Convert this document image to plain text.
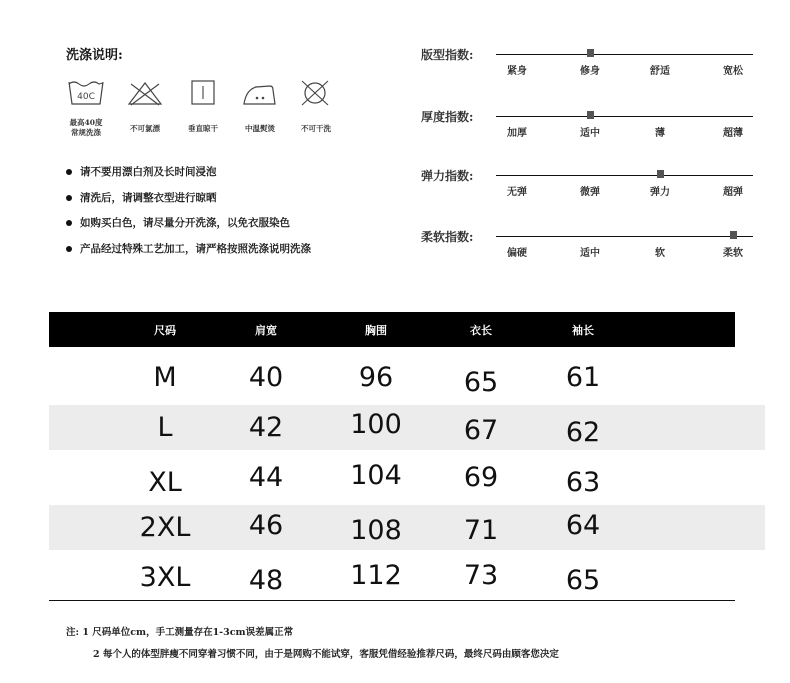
洗涤说明:
40C
最高40度
常规洗涤	不可氯漂	垂直晾干	中温熨烫	不可干洗
请不要用漂白剂及长时间浸泡
清洗后，请调整衣型进行晾晒
如购买白色，请尽量分开洗涤，以免衣服染色
产品经过特殊工艺加工，请严格按照洗涤说明洗涤
版型指数:
紧身	修身	舒适	宽松
厚度指数:
加厚	适中	薄	超薄
弹力指数:
无弹	微弹	弹力	超弹
柔软指数:
偏硬	适中	软	柔软
尺码	肩宽	胸围	衣长	袖长
M	40	96	65	61
L	42	100	67	62
XL	44	104	69	63
2XL	46	108	71	64
3XL	48	112	73	65
注: 1 尺码单位cm，手工测量存在1-3cm误差属正常
2 每个人的体型胖瘦不同穿着习惯不同，由于是网购不能试穿，客服凭借经验推荐尺码，最终尺码由顾客您决定
